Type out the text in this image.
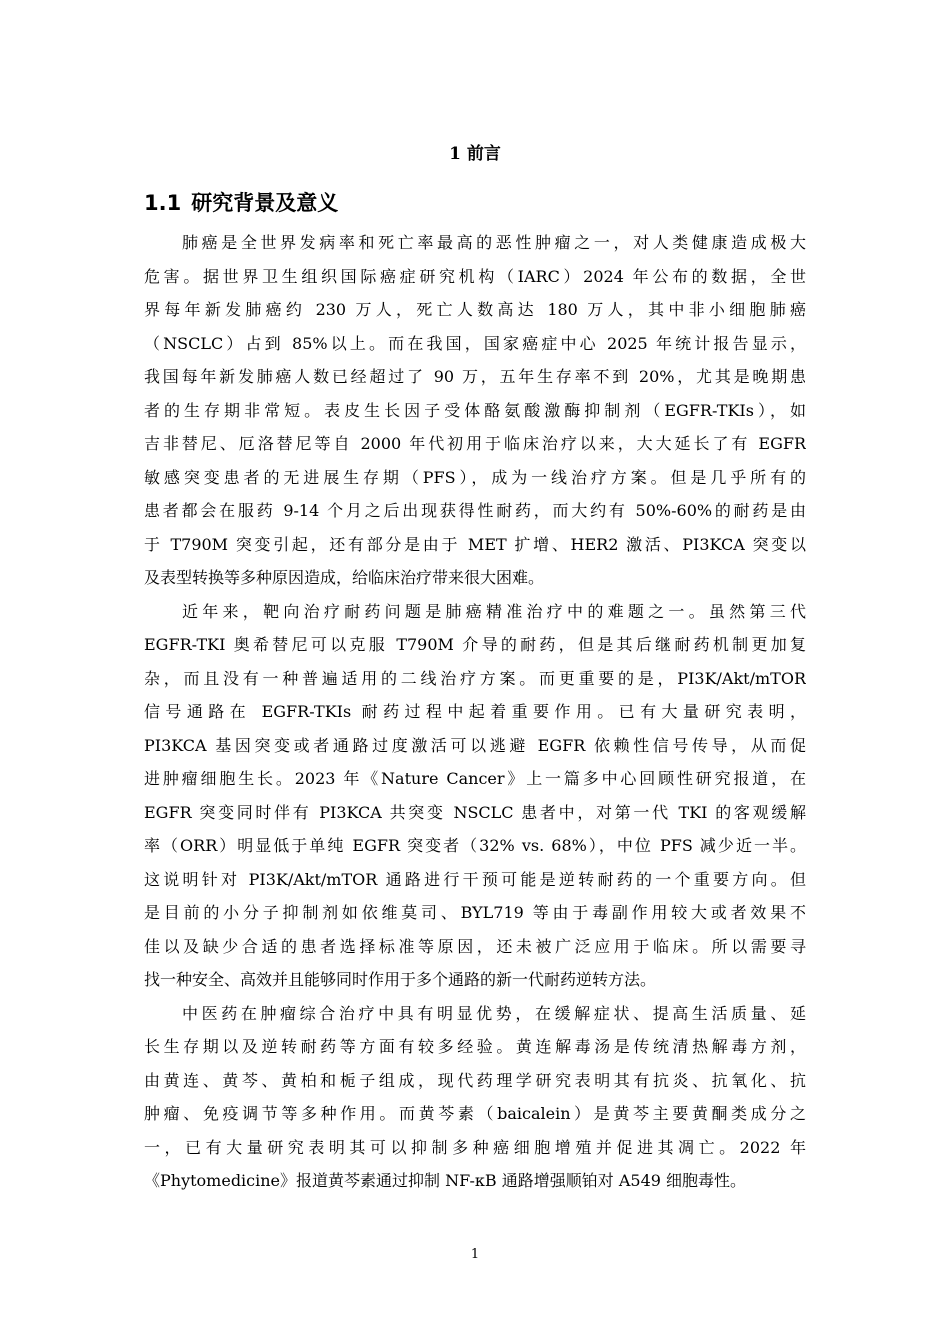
1 前言
1.1 研究背景及意义
肺癌是全世界发病率和死亡率最高的恶性肿瘤之一，对人类健康造成极大
危害。据世界卫生组织国际癌症研究机构（IARC）2024 年公布的数据，全世
界每年新发肺癌约 230 万人，死亡人数高达 180 万人，其中非小细胞肺癌
（NSCLC）占到 85%以上。而在我国，国家癌症中心 2025 年统计报告显示，
我国每年新发肺癌人数已经超过了 90 万，五年生存率不到 20%，尤其是晚期患
者的生存期非常短。表皮生长因子受体酪氨酸激酶抑制剂（EGFR-TKIs），如
吉非替尼、厄洛替尼等自 2000 年代初用于临床治疗以来，大大延长了有 EGFR
敏感突变患者的无进展生存期（PFS），成为一线治疗方案。但是几乎所有的
患者都会在服药 9-14 个月之后出现获得性耐药，而大约有 50%-60%的耐药是由
于 T790M 突变引起，还有部分是由于 MET 扩增、HER2 激活、PI3KCA 突变以
及表型转换等多种原因造成，给临床治疗带来很大困难。
近年来，靶向治疗耐药问题是肺癌精准治疗中的难题之一。虽然第三代
EGFR-TKI 奥希替尼可以克服 T790M 介导的耐药，但是其后继耐药机制更加复
杂，而且没有一种普遍适用的二线治疗方案。而更重要的是，PI3K/Akt/mTOR
信号通路在 EGFR-TKIs 耐药过程中起着重要作用。已有大量研究表明，
PI3KCA 基因突变或者通路过度激活可以逃避 EGFR 依赖性信号传导，从而促
进肿瘤细胞生长。2023 年《Nature Cancer》上一篇多中心回顾性研究报道，在
EGFR 突变同时伴有 PI3KCA 共突变 NSCLC 患者中，对第一代 TKI 的客观缓解
率（ORR）明显低于单纯 EGFR 突变者（32% vs. 68%），中位 PFS 减少近一半。
这说明针对 PI3K/Akt/mTOR 通路进行干预可能是逆转耐药的一个重要方向。但
是目前的小分子抑制剂如依维莫司、BYL719 等由于毒副作用较大或者效果不
佳以及缺少合适的患者选择标准等原因，还未被广泛应用于临床。所以需要寻
找一种安全、高效并且能够同时作用于多个通路的新一代耐药逆转方法。
中医药在肿瘤综合治疗中具有明显优势，在缓解症状、提高生活质量、延
长生存期以及逆转耐药等方面有较多经验。黄连解毒汤是传统清热解毒方剂，
由黄连、黄芩、黄柏和栀子组成，现代药理学研究表明其有抗炎、抗氧化、抗
肿瘤、免疫调节等多种作用。而黄芩素（baicalein）是黄芩主要黄酮类成分之
一，已有大量研究表明其可以抑制多种癌细胞增殖并促进其凋亡。2022 年
《Phytomedicine》报道黄芩素通过抑制 NF-κB 通路增强顺铂对 A549 细胞毒性。
1
